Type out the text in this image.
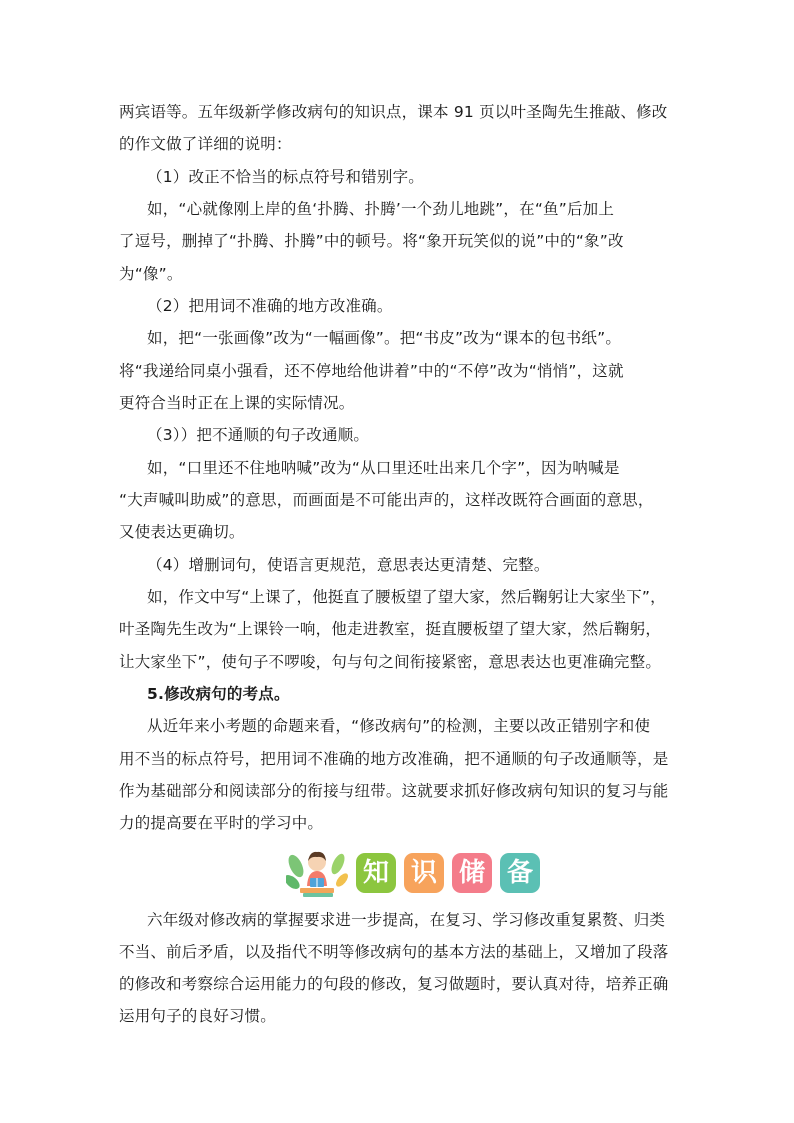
两宾语等。五年级新学修改病句的知识点，课本 91 页以叶圣陶先生推敲、修改
的作文做了详细的说明：
（1）改正不恰当的标点符号和错别字。
如，“心就像刚上岸的鱼‘扑腾、扑腾’一个劲儿地跳”，在“鱼”后加上
了逗号，删掉了“扑腾、扑腾”中的顿号。将“象开玩笑似的说”中的“象”改
为“像”。
（2）把用词不准确的地方改准确。
如，把“一张画像”改为“一幅画像”。把“书皮”改为“课本的包书纸”。
将“我递给同桌小强看，还不停地给他讲着”中的“不停”改为“悄悄”，这就
更符合当时正在上课的实际情况。
（3））把不通顺的句子改通顺。
如，“口里还不住地呐喊”改为“从口里还吐出来几个字”，因为呐喊是
“大声喊叫助威”的意思，而画面是不可能出声的，这样改既符合画面的意思，
又使表达更确切。
（4）增删词句，使语言更规范，意思表达更清楚、完整。
如，作文中写“上课了，他挺直了腰板望了望大家，然后鞠躬让大家坐下”，
叶圣陶先生改为“上课铃一响，他走进教室，挺直腰板望了望大家，然后鞠躬，
让大家坐下”，使句子不啰唆，句与句之间衔接紧密，意思表达也更准确完整。
5.修改病句的考点。
从近年来小考题的命题来看，“修改病句”的检测，主要以改正错别字和使
用不当的标点符号，把用词不准确的地方改准确，把不通顺的句子改通顺等，是
作为基础部分和阅读部分的衔接与纽带。这就要求抓好修改病句知识的复习与能
力的提高要在平时的学习中。
知 识 储 备
六年级对修改病的掌握要求进一步提高，在复习、学习修改重复累赘、归类
不当、前后矛盾，以及指代不明等修改病句的基本方法的基础上，又增加了段落
的修改和考察综合运用能力的句段的修改，复习做题时，要认真对待，培养正确
运用句子的良好习惯。
